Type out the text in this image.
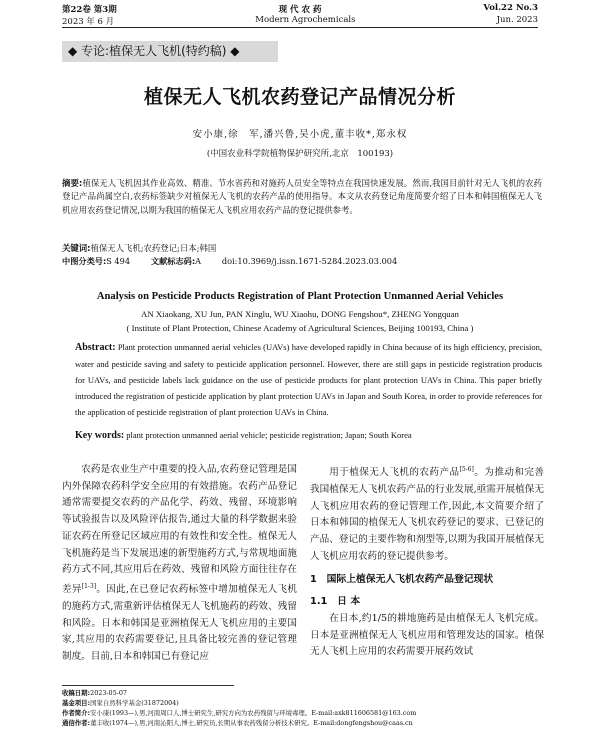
第22卷 第3期	现 代 农 药	Vol.22 No.3
2023 年 6 月	Modern Agrochemicals	Jun. 2023
◆ 专论:植保无人飞机(特约稿) ◆
植保无人飞机农药登记产品情况分析
安小康,徐　军,潘兴鲁,吴小虎,董丰收*,郑永权
(中国农业科学院植物保护研究所,北京　100193)
摘要:植保无人飞机因其作业高效、精准、节水省药和对施药人员安全等特点在我国快速发展。然而,我国目前针对无人飞机的农药登记产品尚属空白,农药标签缺少对植保无人飞机的农药产品的使用指导。本文从农药登记角度简要介绍了日本和韩国植保无人飞机应用农药登记情况,以期为我国的植保无人飞机应用农药产品的登记提供参考。
关键词:植保无人飞机;农药登记;日本;韩国
中图分类号:S 494	文献标志码:A	doi:10.3969/j.issn.1671-5284.2023.03.004
Analysis on Pesticide Products Registration of Plant Protection Unmanned Aerial Vehicles
AN Xiaokang, XU Jun, PAN Xinglu, WU Xiaohu, DONG Fengshou*, ZHENG Yongquan
( Institute of Plant Protection, Chinese Academy of Agricultural Sciences, Beijing 100193, China )
Abstract: Plant protection unmanned aerial vehicles (UAVs) have developed rapidly in China because of its high efficiency, precision, water and pesticide saving and safety to pesticide application personnel. However, there are still gaps in pesticide registration products for UAVs, and pesticide labels lack guidance on the use of pesticide products for plant protection UAVs in China. This paper briefly introduced the registration of pesticide application by plant protection UAVs in Japan and South Korea, in order to provide references for the application of pesticide registration of plant protection UAVs in China.
Key words: plant protection unmanned aerial vehicle; pesticide registration; Japan; South Korea

农药是农业生产中重要的投入品,农药登记管理是国内外保障农药科学安全应用的有效措施。农药产品登记通常需要提交农药的产品化学、药效、残留、环境影响等试验报告以及风险评估报告,通过大量的科学数据来验证农药在所登记区域应用的有效性和安全性。植保无人飞机施药是当下发展迅速的新型施药方式,与常规地面施药方式不同,其应用后在药效、残留和风险方面往往存在差异[1-3]。因此,在已登记农药标签中增加植保无人飞机的施药方式,需重新评估植保无人飞机施药的药效、残留和风险。日本和韩国是亚洲植保无人飞机应用的主要国家,其应用的农药需要登记,且具备比较完善的登记管理制度。目前,日本和韩国已有登记应

用于植保无人飞机的农药产品[5-6]。为推动和完善我国植保无人飞机农药产品的行业发展,亟需开展植保无人飞机应用农药的登记管理工作,因此,本文简要介绍了日本和韩国的植保无人飞机农药登记的要求、已登记的产品、登记的主要作物和剂型等,以期为我国开展植保无人飞机应用农药的登记提供参考。

1　国际上植保无人飞机农药产品登记现状
1.1　日 本

在日本,约1/5的耕地施药是由植保无人飞机完成。日本是亚洲植保无人飞机应用和管理发达的国家。植保无人飞机上应用的农药需要开展药效试

收稿日期:2023-05-07
基金项目:国家自然科学基金(31872004)
作者简介:安小康(1993—),男,河南周口人,博士研究生,研究方向为农药残留与环境毒理。E-mail:axk811606581@163.com
通信作者:董丰收(1974—),男,河南沁阳人,博士,研究员,长期从事农药残留分析技术研究。E-mail:dongfengshou@caas.cn
